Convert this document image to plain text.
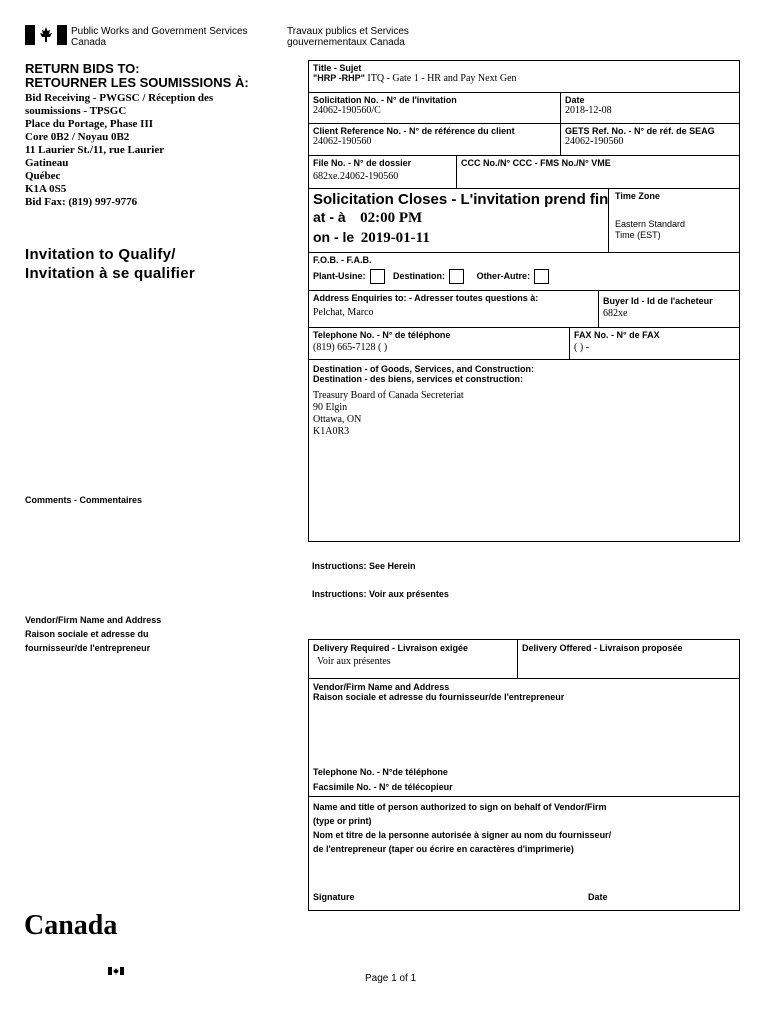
Public Works and Government Services
Canada
Travaux publics et Services
gouvernementaux Canada
RETURN BIDS TO:
RETOURNER LES SOUMISSIONS À:
Bid Receiving - PWGSC / Réception des
soumissions - TPSGC
Place du Portage, Phase III
Core 0B2 / Noyau 0B2
11 Laurier St./11, rue Laurier
Gatineau
Québec
K1A 0S5
Bid Fax: (819) 997-9776
Invitation to Qualify/
Invitation à se qualifier
Comments - Commentaires
Vendor/Firm Name and Address
Raison sociale et adresse du
fournisseur/de l'entrepreneur
Title - Sujet
"HRP -RHP" ITQ - Gate 1 - HR and Pay Next Gen
Solicitation No. - N° de l'invitation
24062-190560/C
Date
2018-12-08
Client Reference No. - N° de référence du client
24062-190560
GETS Ref. No. - N° de réf. de SEAG
24062-190560
File No. - N° de dossier
682xe.24062-190560
CCC No./N° CCC - FMS No./N° VME
Solicitation Closes - L'invitation prend fin
at - à 02:00 PM
on - le 2019-01-11
Time Zone
Eastern Standard
Time (EST)
F.O.B. - F.A.B.
Plant-Usine:	Destination:	Other-Autre:
Address Enquiries to: - Adresser toutes questions à:
Pelchat, Marco
Buyer Id - Id de l'acheteur
682xe
Telephone No. - N° de téléphone
(819) 665-7128 ( )
FAX No. - N° de FAX
( ) -
Destination - of Goods, Services, and Construction:
Destination - des biens, services et construction:
Treasury Board of Canada Secreteriat
90 Elgin
Ottawa, ON
K1A0R3
Instructions: See Herein
Instructions: Voir aux présentes
Delivery Required - Livraison exigée
Voir aux présentes
Delivery Offered - Livraison proposée
Vendor/Firm Name and Address
Raison sociale et adresse du fournisseur/de l'entrepreneur
Telephone No. - N°de téléphone
Facsimile No. - N° de télécopieur
Name and title of person authorized to sign on behalf of Vendor/Firm
(type or print)
Nom et titre de la personne autorisée à signer au nom du fournisseur/
de l'entrepreneur (taper ou écrire en caractères d'imprimerie)
Signature	Date
Canada
Page 1 of 1
